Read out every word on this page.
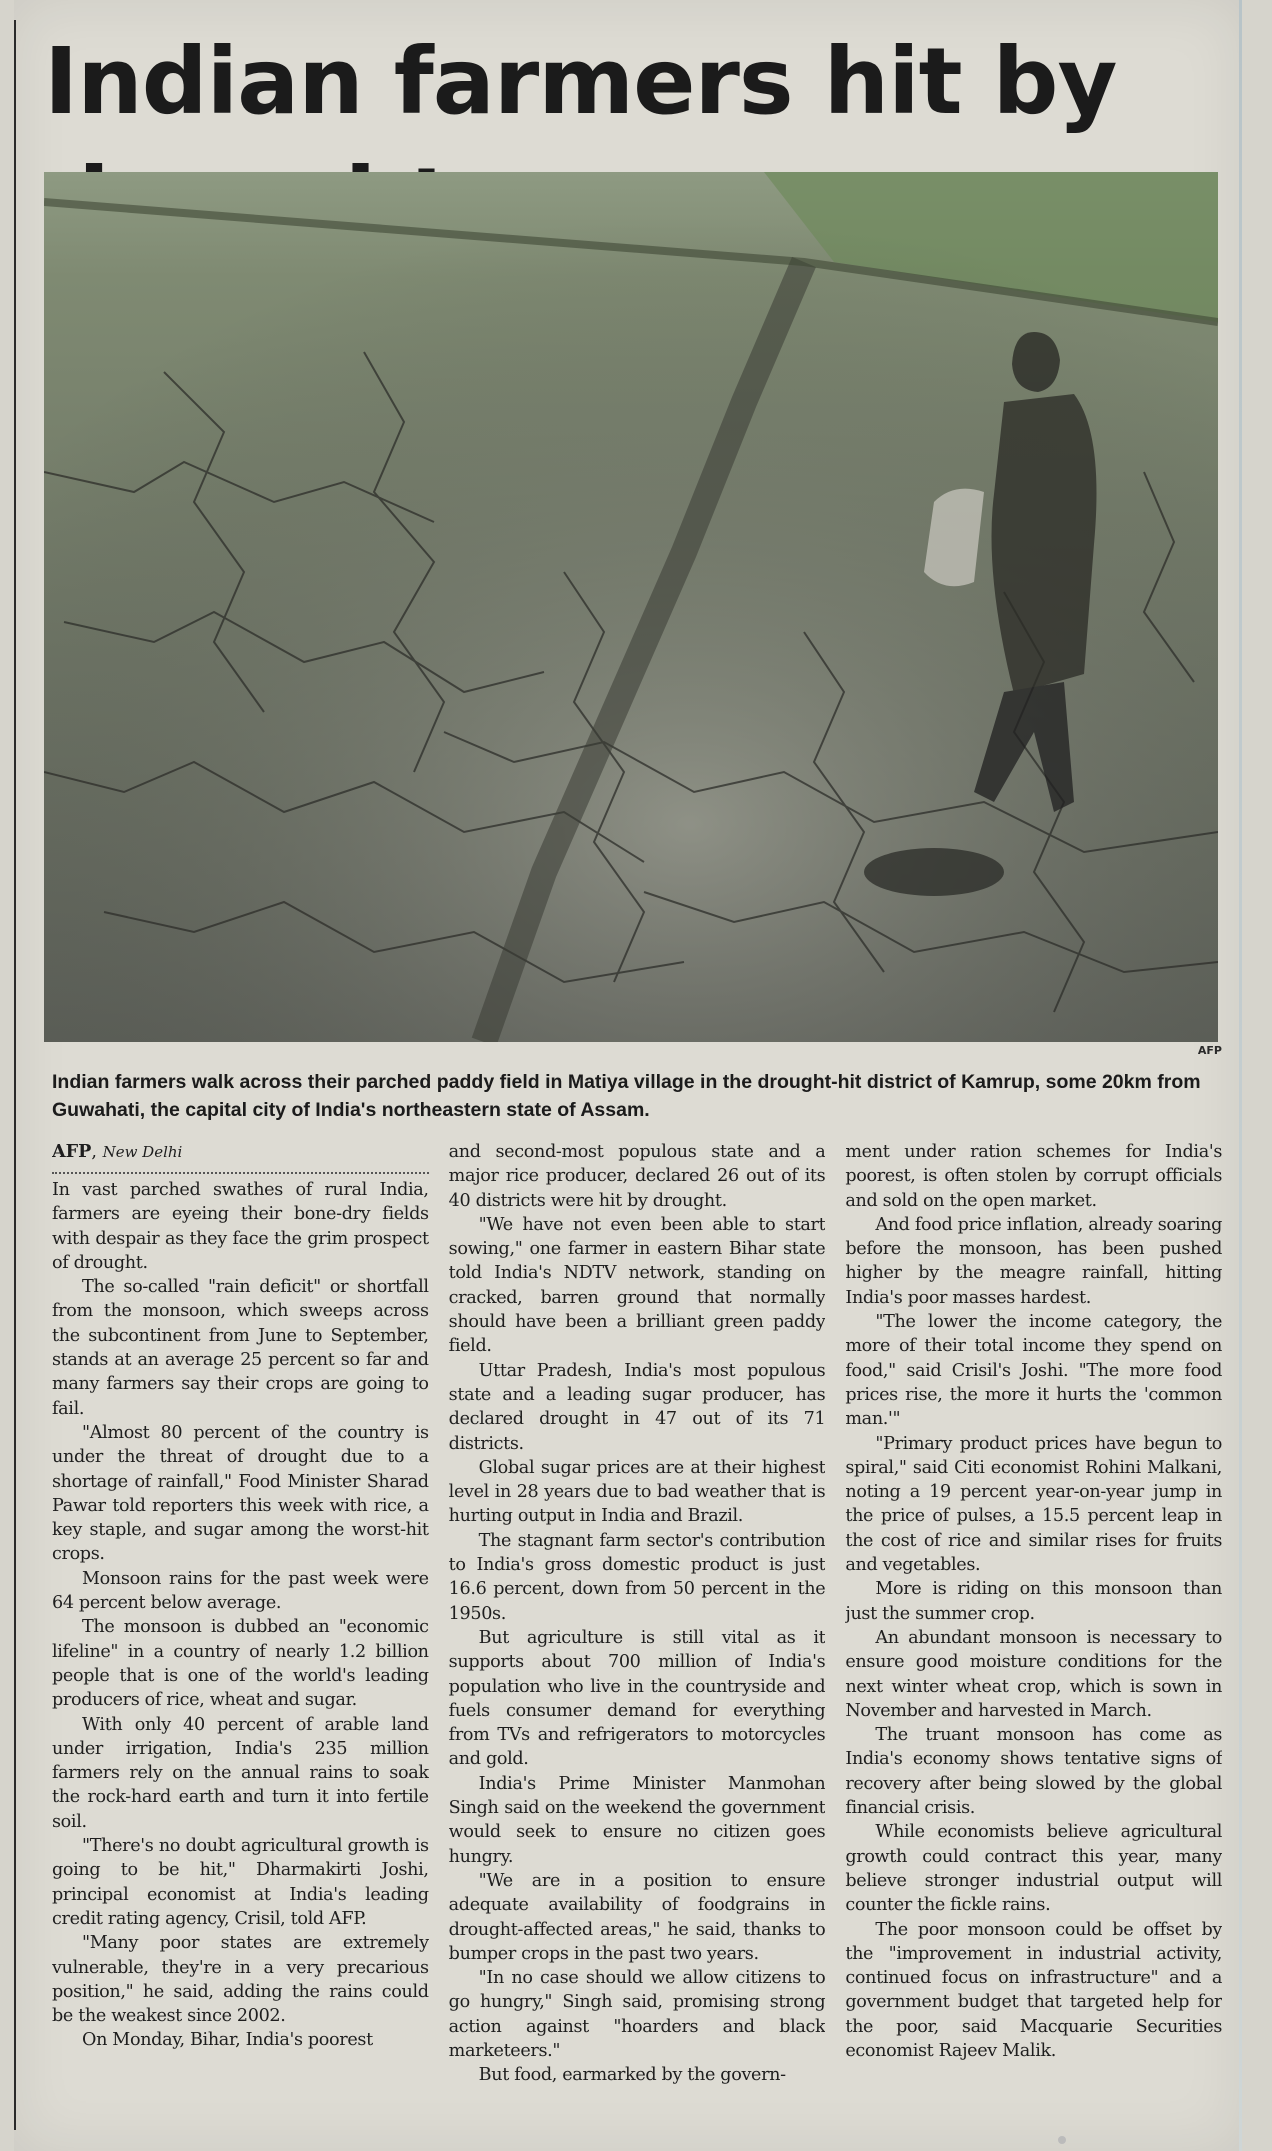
Indian farmers hit by
AFP

Indian farmers walk across their parched paddy field in Matiya village in the drought-hit district of Kamrup, some 20km from Guwahati, the capital city of India's northeastern state of Assam.

AFP, New Delhi

In vast parched swathes of rural India, farmers are eyeing their bone-dry fields with despair as they face the grim prospect of drought.

The so-called "rain deficit" or shortfall from the monsoon, which sweeps across the subcontinent from June to September, stands at an average 25 percent so far and many farmers say their crops are going to fail.

"Almost 80 percent of the country is under the threat of drought due to a shortage of rainfall," Food Minister Sharad Pawar told reporters this week with rice, a key staple, and sugar among the worst-hit crops.

Monsoon rains for the past week were 64 percent below average.

The monsoon is dubbed an "economic lifeline" in a country of nearly 1.2 billion people that is one of the world's leading producers of rice, wheat and sugar.

With only 40 percent of arable land under irrigation, India's 235 million farmers rely on the annual rains to soak the rock-hard earth and turn it into fertile soil.

"There's no doubt agricultural growth is going to be hit," Dharmakirti Joshi, principal economist at India's leading credit rating agency, Crisil, told AFP.

"Many poor states are extremely vulnerable, they're in a very precarious position," he said, adding the rains could be the weakest since 2002.

On Monday, Bihar, India's poorest

and second-most populous state and a major rice producer, declared 26 out of its 40 districts were hit by drought.

"We have not even been able to start sowing," one farmer in eastern Bihar state told India's NDTV network, standing on cracked, barren ground that normally should have been a brilliant green paddy field.

Uttar Pradesh, India's most populous state and a leading sugar producer, has declared drought in 47 out of its 71 districts.

Global sugar prices are at their highest level in 28 years due to bad weather that is hurting output in India and Brazil.

The stagnant farm sector's contribution to India's gross domestic product is just 16.6 percent, down from 50 percent in the 1950s.

But agriculture is still vital as it supports about 700 million of India's population who live in the countryside and fuels consumer demand for everything from TVs and refrigerators to motorcycles and gold.

India's Prime Minister Manmohan Singh said on the weekend the government would seek to ensure no citizen goes hungry.

"We are in a position to ensure adequate availability of foodgrains in drought-affected areas," he said, thanks to bumper crops in the past two years.

"In no case should we allow citizens to go hungry," Singh said, promising strong action against "hoarders and black marketeers."

But food, earmarked by the govern-

ment under ration schemes for India's poorest, is often stolen by corrupt officials and sold on the open market.

And food price inflation, already soaring before the monsoon, has been pushed higher by the meagre rainfall, hitting India's poor masses hardest.

"The lower the income category, the more of their total income they spend on food," said Crisil's Joshi. "The more food prices rise, the more it hurts the 'common man.'"

"Primary product prices have begun to spiral," said Citi economist Rohini Malkani, noting a 19 percent year-on-year jump in the price of pulses, a 15.5 percent leap in the cost of rice and similar rises for fruits and vegetables.

More is riding on this monsoon than just the summer crop.

An abundant monsoon is necessary to ensure good moisture conditions for the next winter wheat crop, which is sown in November and harvested in March.

The truant monsoon has come as India's economy shows tentative signs of recovery after being slowed by the global financial crisis.

While economists believe agricultural growth could contract this year, many believe stronger industrial output will counter the fickle rains.

The poor monsoon could be offset by the "improvement in industrial activity, continued focus on infrastructure" and a government budget that targeted help for the poor, said Macquarie Securities economist Rajeev Malik.
